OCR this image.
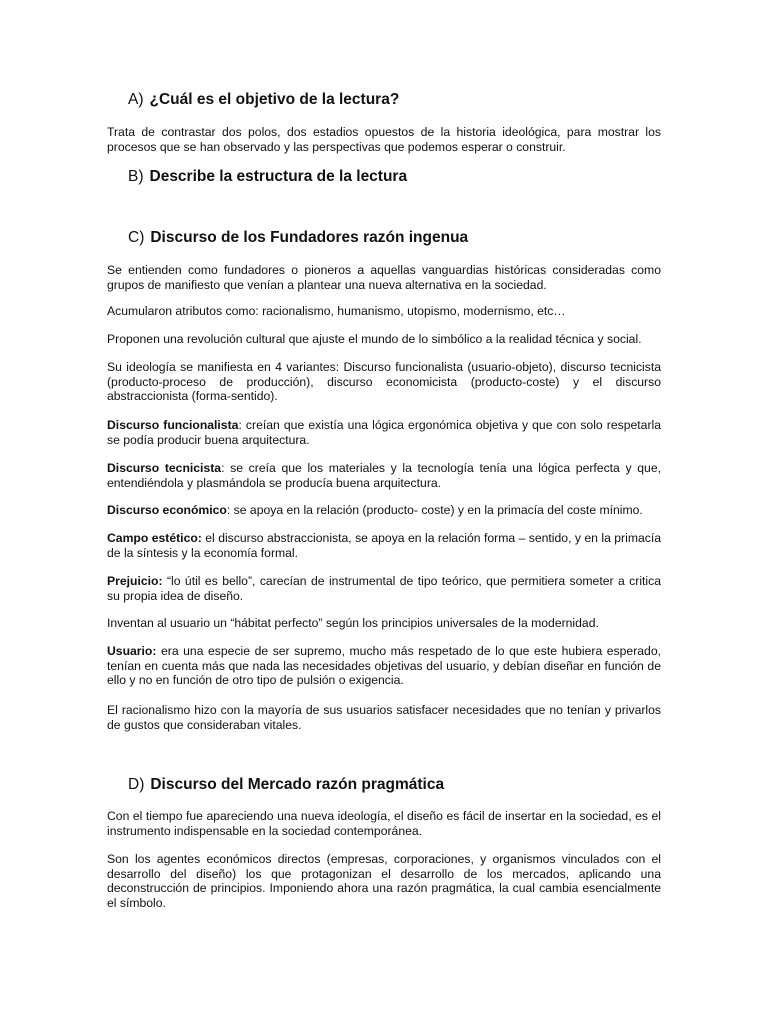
A) ¿Cuál es el objetivo de la lectura?
Trata de contrastar dos polos, dos estadios opuestos de la historia ideológica, para mostrar los procesos que se han observado y las perspectivas que podemos esperar o construir.
B) Describe la estructura de la lectura
C) Discurso de los Fundadores razón ingenua
Se entienden como fundadores o pioneros a aquellas vanguardias históricas consideradas como grupos de manifiesto que venían a plantear una nueva alternativa en la sociedad.
Acumularon atributos como: racionalismo, humanismo, utopismo, modernismo, etc…
Proponen una revolución cultural que ajuste el mundo de lo simbólico a la realidad técnica y social.
Su ideología se manifiesta en 4 variantes: Discurso funcionalista (usuario-objeto), discurso tecnicista (producto-proceso de producción), discurso economicista (producto-coste) y el discurso abstraccionista (forma-sentido).
Discurso funcionalista: creían que existía una lógica ergonómica objetiva y que con solo respetarla se podía producir buena arquitectura.
Discurso tecnicista: se creía que los materiales y la tecnología tenía una lógica perfecta y que, entendiéndola y plasmándola se producía buena arquitectura.
Discurso económico: se apoya en la relación (producto- coste) y en la primacía del coste mínimo.
Campo estético: el discurso abstraccionista, se apoya en la relación forma – sentido, y en la primacía de la síntesis y la economía formal.
Prejuicio: “lo útil es bello”, carecían de instrumental de tipo teórico, que permitiera someter a critica su propia idea de diseño.
Inventan al usuario un “hábitat perfecto” según los principios universales de la modernidad.
Usuario: era una especie de ser supremo, mucho más respetado de lo que este hubiera esperado, tenían en cuenta más que nada las necesidades objetivas del usuario, y debían diseñar en función de ello y no en función de otro tipo de pulsión o exigencia.
El racionalismo hizo con la mayoría de sus usuarios satisfacer necesidades que no tenían y privarlos de gustos que consideraban vitales.
D) Discurso del Mercado razón pragmática
Con el tiempo fue apareciendo una nueva ideología, el diseño es fácil de insertar en la sociedad, es el instrumento indispensable en la sociedad contemporánea.
Son los agentes económicos directos (empresas, corporaciones, y organismos vinculados con el desarrollo del diseño) los que protagonizan el desarrollo de los mercados, aplicando una deconstrucción de principios. Imponiendo ahora una razón pragmática, la cual cambia esencialmente el símbolo.
